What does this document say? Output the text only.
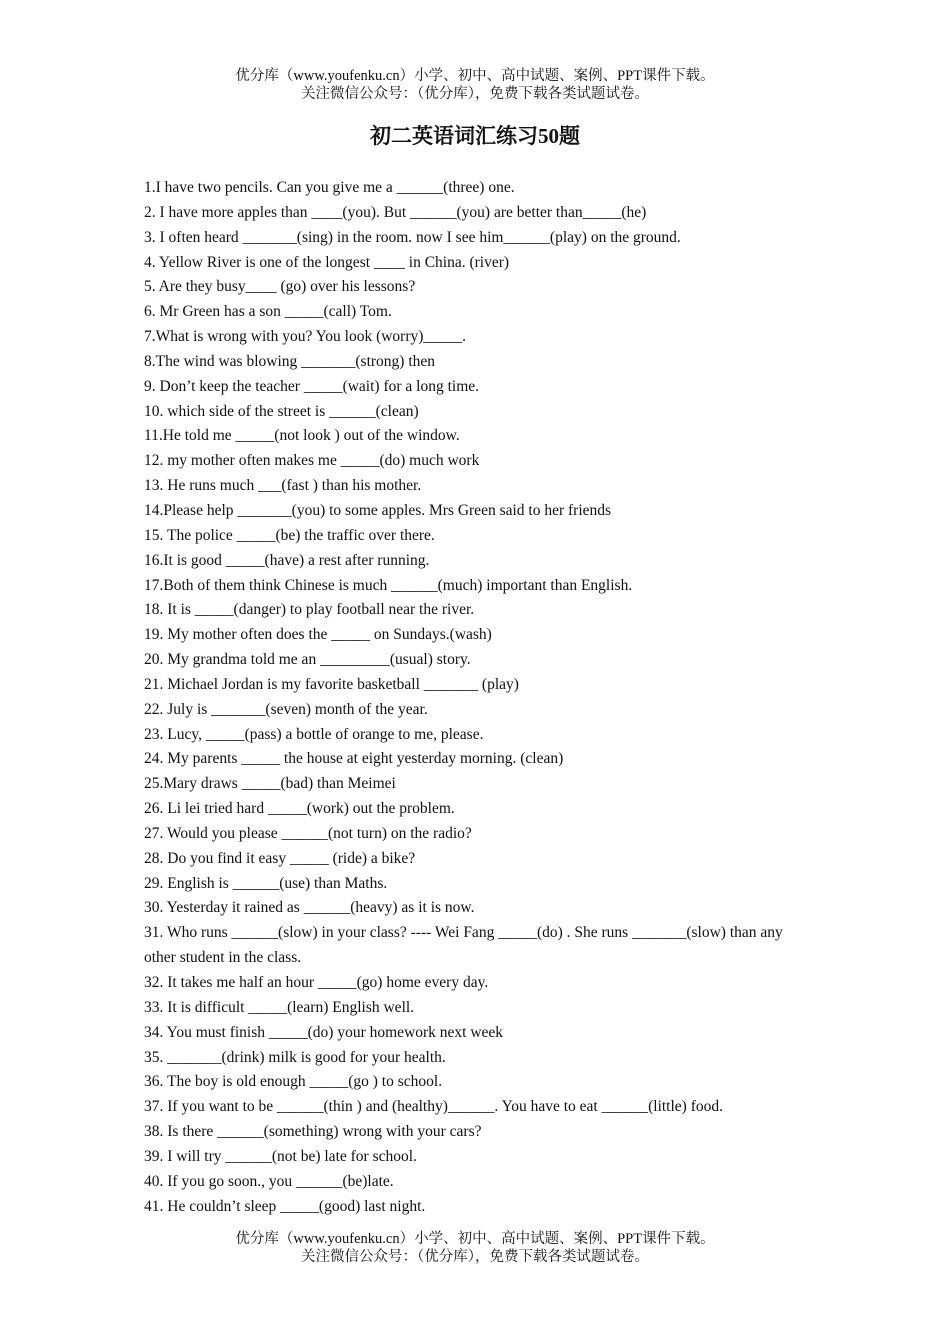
优分库（www.youfenku.cn）小学、初中、高中试题、案例、PPT课件下载。
关注微信公众号：（优分库），免费下载各类试题试卷。
初二英语词汇练习50题
1.I have two pencils. Can you give me a ______(three) one.
2. I have more apples than ____(you). But ______(you) are better than_____(he)
3. I often heard _______(sing) in the room. now I see him______(play) on the ground.
4. Yellow River is one of the longest ____ in China. (river)
5. Are they busy____ (go) over his lessons?
6. Mr Green has a son _____(call) Tom.
7.What is wrong with you? You look (worry)_____.
8.The wind was blowing _______(strong) then
9. Don’t keep the teacher _____(wait) for a long time.
10. which side of the street is ______(clean)
11.He told me _____(not look ) out of the window.
12. my mother often makes me _____(do) much work
13. He runs much ___(fast ) than his mother.
14.Please help _______(you) to some apples. Mrs Green said to her friends
15. The police _____(be) the traffic over there.
16.It is good _____(have) a rest after running.
17.Both of them think Chinese is much ______(much) important than English.
18. It is _____(danger) to play football near the river.
19. My mother often does the _____ on Sundays.(wash)
20. My grandma told me an _________(usual) story.
21. Michael Jordan is my favorite basketball _______ (play)
22. July is _______(seven) month of the year.
23. Lucy, _____(pass) a bottle of orange to me, please.
24. My parents _____ the house at eight yesterday morning. (clean)
25.Mary draws _____(bad) than Meimei
26. Li lei tried hard _____(work) out the problem.
27. Would you please ______(not turn) on the radio?
28. Do you find it easy _____ (ride) a bike?
29. English is ______(use) than Maths.
30. Yesterday it rained as ______(heavy) as it is now.
31. Who runs ______(slow) in your class? ---- Wei Fang _____(do) . She runs _______(slow) than any other student in the class.
32. It takes me half an hour _____(go) home every day.
33. It is difficult _____(learn) English well.
34. You must finish _____(do) your homework next week
35. _______(drink) milk is good for your health.
36. The boy is old enough _____(go ) to school.
37. If you want to be ______(thin ) and (healthy)______. You have to eat ______(little) food.
38. Is there ______(something) wrong with your cars?
39. I will try ______(not be) late for school.
40. If you go soon., you ______(be)late.
41. He couldn’t sleep _____(good) last night.
优分库（www.youfenku.cn）小学、初中、高中试题、案例、PPT课件下载。
关注微信公众号：（优分库），免费下载各类试题试卷。
